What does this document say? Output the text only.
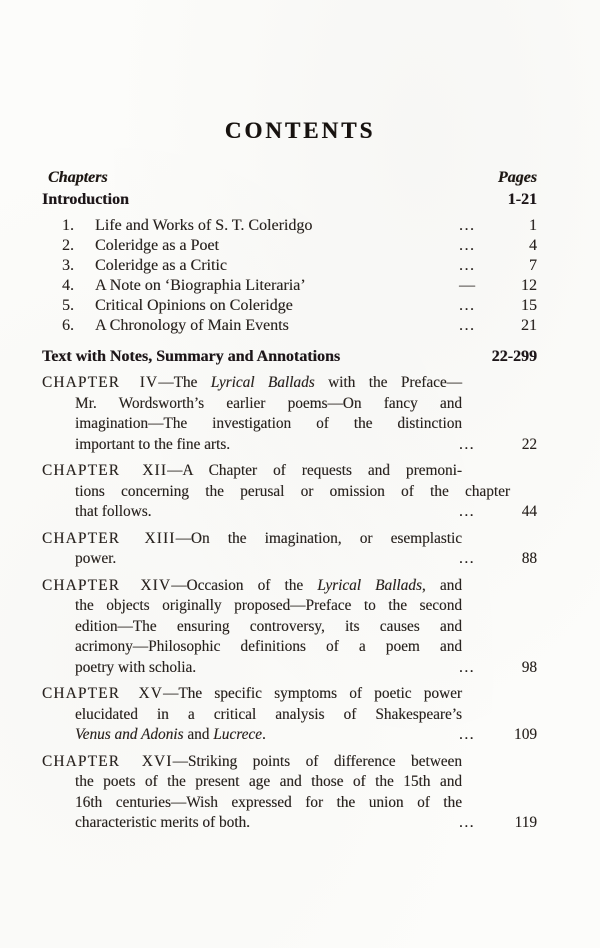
CONTENTS
Chapters	Pages
Introduction	1-21
1.	Life and Works of S. T. Coleridgo	...	1
2.	Coleridge as a Poet	...	4
3.	Coleridge as a Critic	...	7
4.	A Note on ‘Biographia Literaria’	—	12
5.	Critical Opinions on Coleridge	...	15
6.	A Chronology of Main Events	...	21
Text with Notes, Summary and Annotations	22-299
CHAPTER IV—The Lyrical Ballads with the Preface—
Mr. Wordsworth’s earlier poems—On fancy and
imagination—The investigation of the distinction
important to the fine arts.	...	22
CHAPTER XII—A Chapter of requests and premoni-
tions concerning the perusal or omission of the chapter
that follows.	...	44
CHAPTER XIII—On the imagination, or esemplastic
power.	...	88
CHAPTER XIV—Occasion of the Lyrical Ballads, and
the objects originally proposed—Preface to the second
edition—The ensuring controversy, its causes and
acrimony—Philosophic definitions of a poem and
poetry with scholia.	...	98
CHAPTER XV—The specific symptoms of poetic power
elucidated in a critical analysis of Shakespeare’s
Venus and Adonis and Lucrece.	...	109
CHAPTER XVI—Striking points of difference between
the poets of the present age and those of the 15th and
16th centuries—Wish expressed for the union of the
characteristic merits of both.	...	119
